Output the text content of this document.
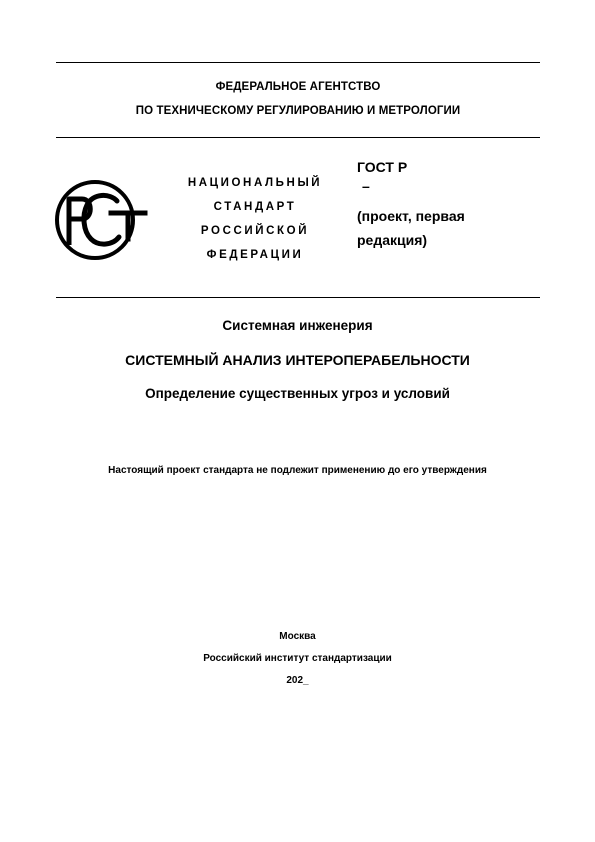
ФЕДЕРАЛЬНОЕ АГЕНТСТВО
ПО ТЕХНИЧЕСКОМУ РЕГУЛИРОВАНИЮ И МЕТРОЛОГИИ
НАЦИОНАЛЬНЫЙ
СТАНДАРТ
РОССИЙСКОЙ
ФЕДЕРАЦИИ
ГОСТ Р
–
(проект, первая
редакция)
Системная инженерия
СИСТЕМНЫЙ АНАЛИЗ ИНТЕРОПЕРАБЕЛЬНОСТИ
Определение существенных угроз и условий
Настоящий проект стандарта не подлежит применению до его утверждения
Москва
Российский институт стандартизации
202_
